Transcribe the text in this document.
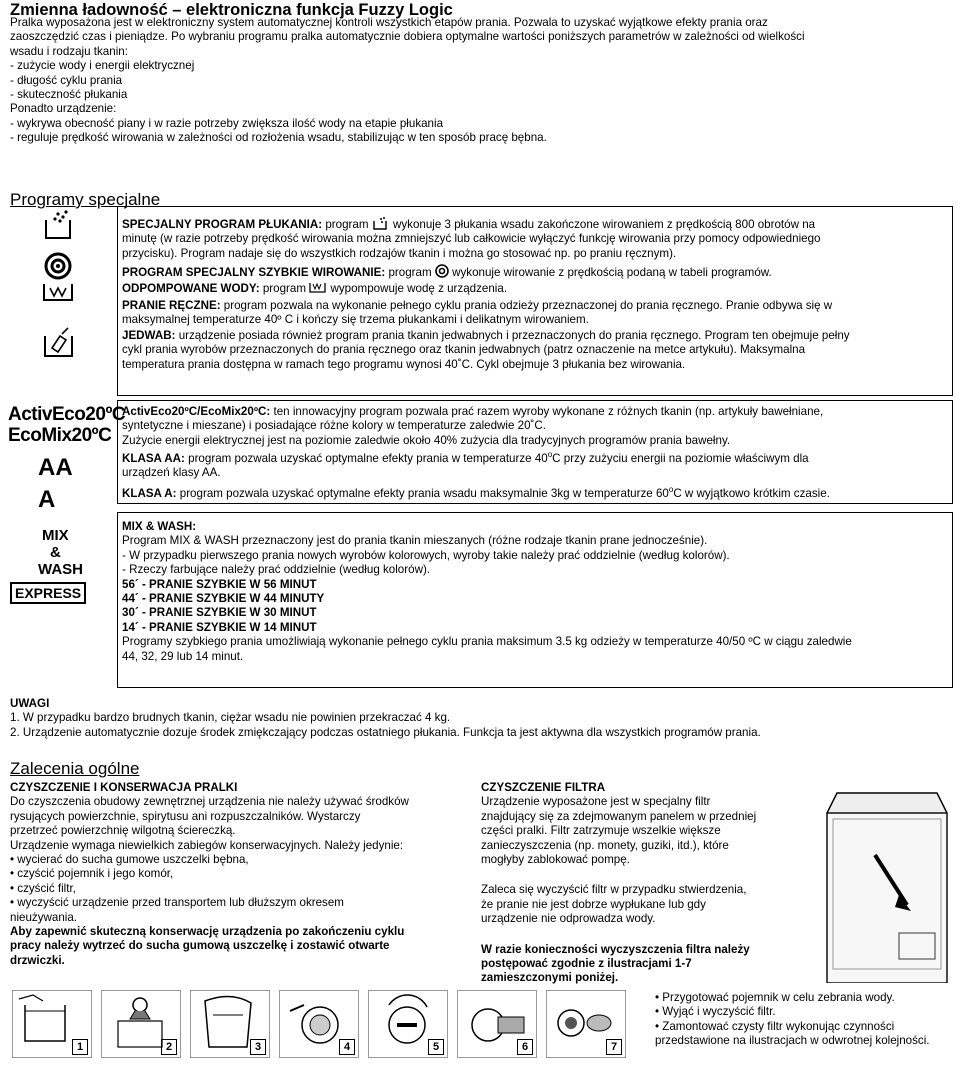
Zmienna ładowność – elektroniczna funkcja Fuzzy Logic

Pralka wyposażona jest w elektroniczny system automatycznej kontroli wszystkich etapów prania. Pozwala to uzyskać wyjątkowe efekty prania oraz

zaoszczędzić czas i pieniądze. Po wybraniu programu pralka automatycznie dobiera optymalne wartości poniższych parametrów w zależności od wielkości

wsadu i rodzaju tkanin:

- zużycie wody i energii elektrycznej

- długość cyklu prania

- skuteczność płukania

Ponadto urządzenie:

- wykrywa obecność piany i w razie potrzeby zwiększa ilość wody na etapie płukania

- reguluje prędkość wirowania w zależności od rozłożenia wsadu, stabilizując w ten sposób pracę bębna.

Programy specjalne

SPECJALNY PROGRAM PŁUKANIA: program  wykonuje 3 płukania wsadu zakończone wirowaniem z prędkością 800 obrotów na

minutę (w razie potrzeby prędkość wirowania można zmniejszyć lub całkowicie wyłączyć funkcję wirowania przy pomocy odpowiedniego

przycisku). Program nadaje się do wszystkich rodzajów tkanin i można go stosować np. po praniu ręcznym).

PROGRAM SPECJALNY SZYBKIE WIROWANIE: program  wykonuje wirowanie z prędkością podaną w tabeli programów.

ODPOMPOWANE WODY: program  wypompowuje wodę z urządzenia.

PRANIE RĘCZNE: program pozwala na wykonanie pełnego cyklu prania odzieży przeznaczonej do prania ręcznego. Pranie odbywa się w

maksymalnej temperaturze 40º C i kończy się trzema płukankami i delikatnym wirowaniem.

JEDWAB: urządzenie posiada również program prania tkanin jedwabnych i przeznaczonych do prania ręcznego. Program ten obejmuje pełny

cykl prania wyrobów przeznaczonych do prania ręcznego oraz tkanin jedwabnych (patrz oznaczenie na metce artykułu). Maksymalna

temperatura prania dostępna w ramach tego programu wynosi 40˚C. Cykl obejmuje 3 płukania bez wirowania.

ActivEco20ºC
EcoMix20ºC
AA
A
MIX
&
WASH
EXPRESS

ActivEco20ºC/EcoMix20ºC: ten innowacyjny program pozwala prać razem wyroby wykonane z różnych tkanin (np. artykuły bawełniane,

syntetyczne i mieszane) i posiadające różne kolory w temperaturze zaledwie 20˚C.

Zużycie energii elektrycznej jest na poziomie zaledwie około 40% zużycia dla tradycyjnych programów prania bawełny.

KLASA AA: program pozwala uzyskać optymalne efekty prania w temperaturze 40$^o$C przy zużyciu energii na poziomie właściwym dla

urządzeń klasy AA.

KLASA A: program pozwala uzyskać optymalne efekty prania wsadu maksymalnie 3kg w temperaturze 60$^o$C w wyjątkowo krótkim czasie.

MIX & WASH:

Program MIX & WASH przeznaczony jest do prania tkanin mieszanych (różne rodzaje tkanin prane jednocześnie).

- W przypadku pierwszego prania nowych wyrobów kolorowych, wyroby takie należy prać oddzielnie (według kolorów).

- Rzeczy farbujące należy prać oddzielnie (według kolorów).

56´ - PRANIE SZYBKIE W 56 MINUT

44´ - PRANIE SZYBKIE W 44 MINUTY

30´ - PRANIE SZYBKIE W 30 MINUT

14´ - PRANIE SZYBKIE W 14 MINUT

Programy szybkiego prania umożliwiają wykonanie pełnego cyklu prania maksimum 3.5 kg odzieży w temperaturze 40/50 ºC w ciągu zaledwie

44, 32, 29 lub 14 minut.

UWAGI

1. W przypadku bardzo brudnych tkanin, ciężar wsadu nie powinien przekraczać 4 kg.

2. Urządzenie automatycznie dozuje środek zmiękczający podczas ostatniego płukania. Funkcja ta jest aktywna dla wszystkich programów prania.

Zalecenia ogólne

CZYSZCZENIE I KONSERWACJA PRALKI

Do czyszczenia obudowy zewnętrznej urządzenia nie należy używać środków

rysujących powierzchnie, spirytusu ani rozpuszczalników. Wystarczy

przetrzeć powierzchnię wilgotną ściereczką.

Urządzenie wymaga niewielkich zabiegów konserwacyjnych. Należy jedynie:

• wycierać do sucha gumowe uszczelki bębna,
• czyścić pojemnik i jego komór,
• czyścić filtr,
• wyczyścić urządzenie przed transportem lub dłuższym okresem

nieużywania.

Aby zapewnić skuteczną konserwację urządzenia po zakończeniu cyklu

pracy należy wytrzeć do sucha gumową uszczelkę i zostawić otwarte

drzwiczki.

CZYSZCZENIE FILTRA

Urządzenie wyposażone jest w specjalny filtr

znajdujący się za zdejmowanym panelem w przedniej

części pralki. Filtr zatrzymuje wszelkie większe

zanieczyszczenia (np. monety, guziki, itd.), które

mogłyby zablokować pompę.

Zaleca się wyczyścić filtr w przypadku stwierdzenia,

że pranie nie jest dobrze wypłukane lub gdy

urządzenie nie odprowadza wody.

W razie konieczności wyczyszczenia filtra należy

postępować zgodnie z ilustracjami 1-7

zamieszczonymi poniżej.

1	2	3	4	5	6	7
• Przygotować pojemnik w celu zebrania wody.
• Wyjąć i wyczyścić filtr.
• Zamontować czysty filtr wykonując czynności przedstawione na ilustracjach w odwrotnej kolejności.
